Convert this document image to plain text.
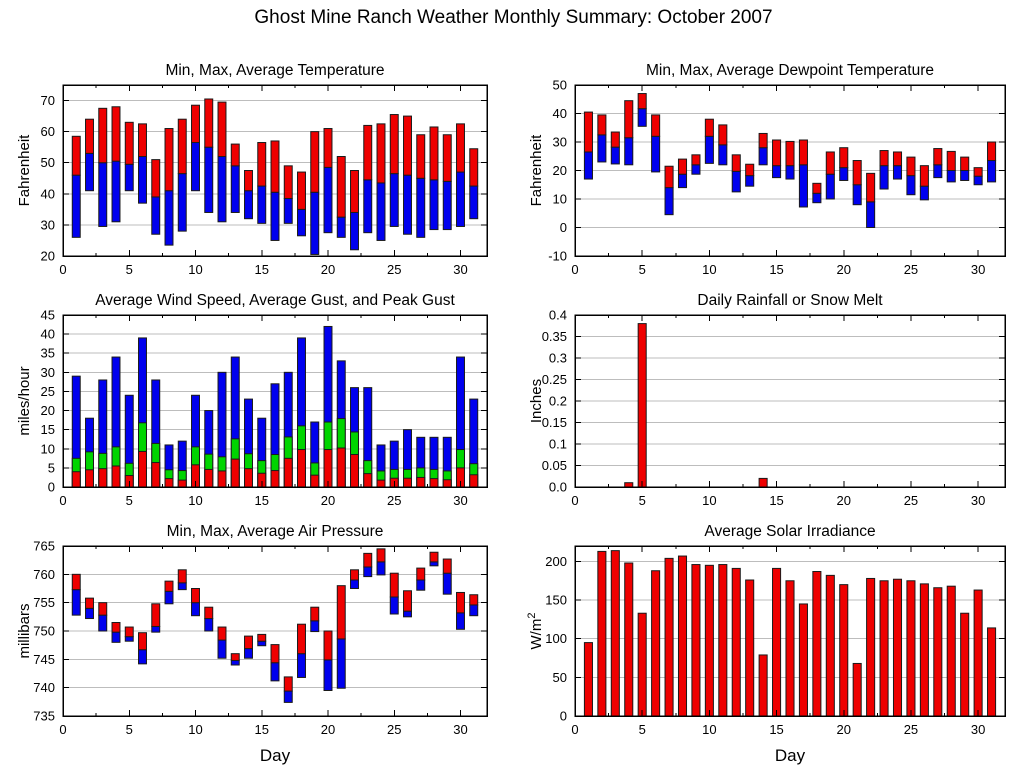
20
30
40
50
60
70
0	5	10	15	20	25	30
Min, Max, Average Temperature
Fahrenheit
-10
0
10
20
30
40
50
0	5	10	15	20	25	30
Min, Max, Average Dewpoint Temperature
Fahrenheit
0
5
10
15
20
25
30
35
40
45
0	5	10	15	20	25	30
Average Wind Speed, Average Gust, and Peak Gust
miles/hour
0.0
0.05
0.1
0.15
0.2
0.25
0.3
0.35
0.4
0	5	10	15	20	25	30
Daily Rainfall or Snow Melt
Inches
735
740
745
750
755
760
765
0	5	10	15	20	25	30
Min, Max, Average Air Pressure
millibars
Day
0
50
100
150
200
0	5	10	15	20	25	30
Average Solar Irradiance
$W/m^2$
Day
Ghost Mine Ranch Weather Monthly Summary: October 2007
